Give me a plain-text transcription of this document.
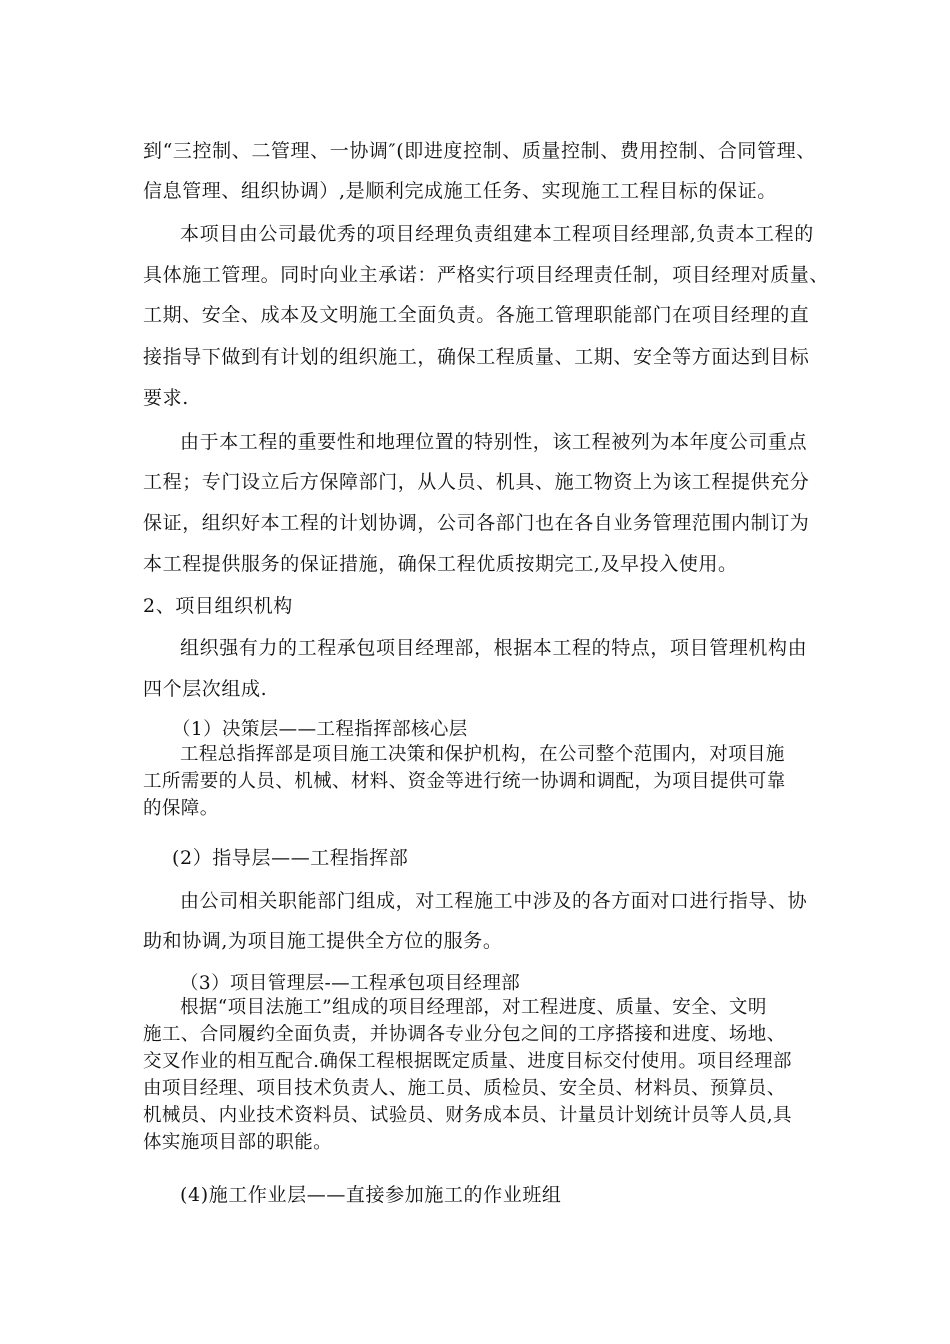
到“三控制、二管理、一协调″(即进度控制、质量控制、费用控制、合同管理、
信息管理、组织协调）,是顺利完成施工任务、实现施工工程目标的保证。
本项目由公司最优秀的项目经理负责组建本工程项目经理部,负责本工程的
具体施工管理。同时向业主承诺：严格实行项目经理责任制，项目经理对质量、
工期、安全、成本及文明施工全面负责。各施工管理职能部门在项目经理的直
接指导下做到有计划的组织施工，确保工程质量、工期、安全等方面达到目标
要求.
由于本工程的重要性和地理位置的特别性，该工程被列为本年度公司重点
工程；专门设立后方保障部门，从人员、机具、施工物资上为该工程提供充分
保证，组织好本工程的计划协调，公司各部门也在各自业务管理范围内制订为
本工程提供服务的保证措施，确保工程优质按期完工,及早投入使用。
2、项目组织机构
组织强有力的工程承包项目经理部，根据本工程的特点，项目管理机构由
四个层次组成.
（1）决策层——工程指挥部核心层
工程总指挥部是项目施工决策和保护机构，在公司整个范围内，对项目施
工所需要的人员、机械、材料、资金等进行统一协调和调配，为项目提供可靠
的保障。
(2）指导层——工程指挥部
由公司相关职能部门组成，对工程施工中涉及的各方面对口进行指导、协
助和协调,为项目施工提供全方位的服务。
（3）项目管理层-—工程承包项目经理部
根据“项目法施工”组成的项目经理部，对工程进度、质量、安全、文明
施工、合同履约全面负责，并协调各专业分包之间的工序搭接和进度、场地、
交叉作业的相互配合.确保工程根据既定质量、进度目标交付使用。项目经理部
由项目经理、项目技术负责人、施工员、质检员、安全员、材料员、预算员、
机械员、内业技术资料员、试验员、财务成本员、计量员计划统计员等人员,具
体实施项目部的职能。
(4)施工作业层——直接参加施工的作业班组
